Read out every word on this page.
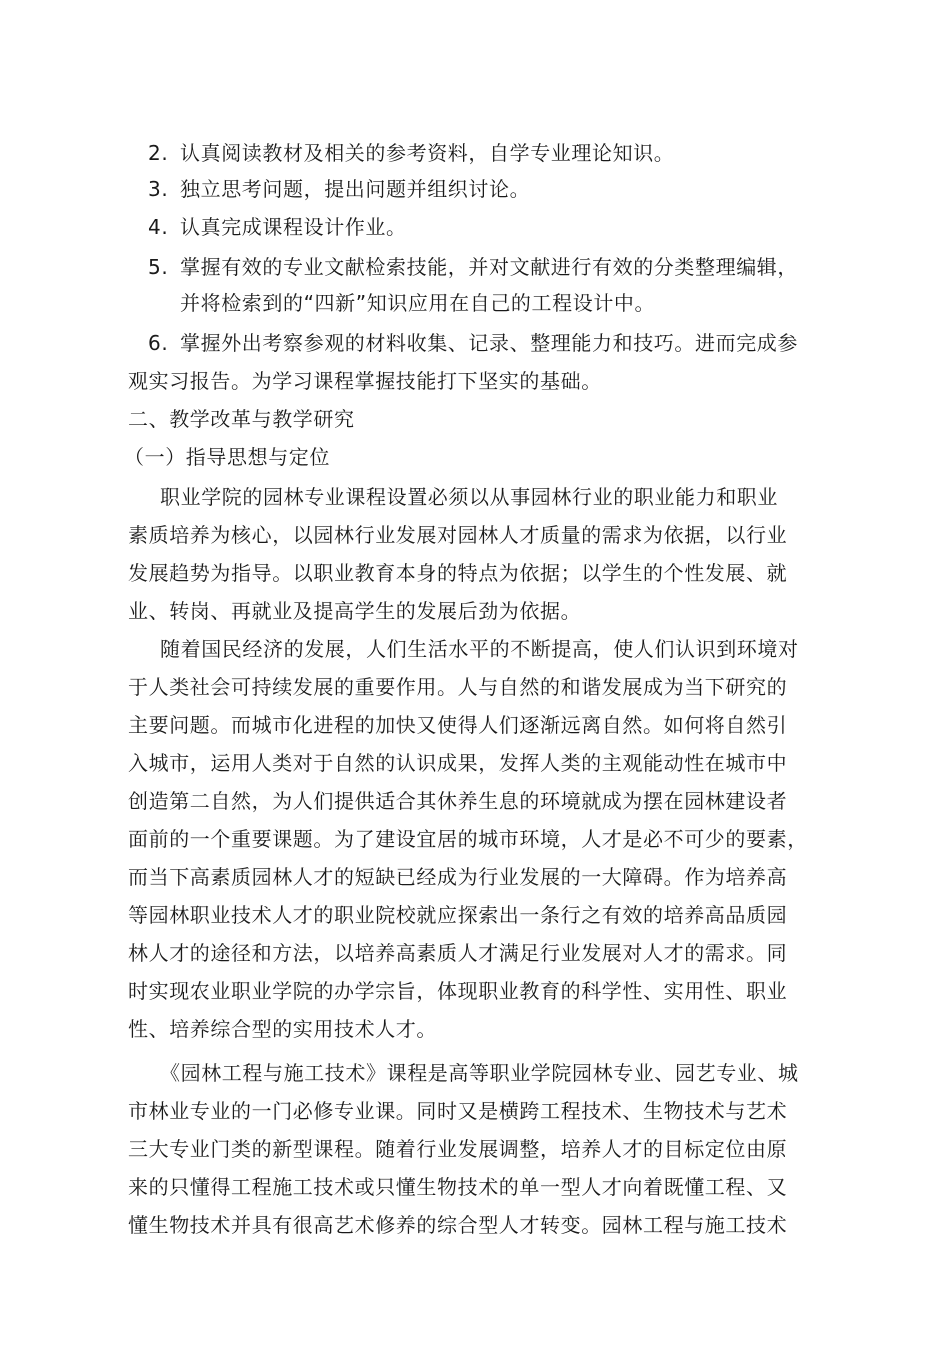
2. 认真阅读教材及相关的参考资料，自学专业理论知识。
3. 独立思考问题，提出问题并组织讨论。
4. 认真完成课程设计作业。
5. 掌握有效的专业文献检索技能，并对文献进行有效的分类整理编辑，
并将检索到的“四新”知识应用在自己的工程设计中。
6. 掌握外出考察参观的材料收集、记录、整理能力和技巧。进而完成参
观实习报告。为学习课程掌握技能打下坚实的基础。
二、教学改革与教学研究
（一）指导思想与定位
职业学院的园林专业课程设置必须以从事园林行业的职业能力和职业
素质培养为核心，以园林行业发展对园林人才质量的需求为依据，以行业
发展趋势为指导。以职业教育本身的特点为依据；以学生的个性发展、就
业、转岗、再就业及提高学生的发展后劲为依据。
随着国民经济的发展，人们生活水平的不断提高，使人们认识到环境对
于人类社会可持续发展的重要作用。人与自然的和谐发展成为当下研究的
主要问题。而城市化进程的加快又使得人们逐渐远离自然。如何将自然引
入城市，运用人类对于自然的认识成果，发挥人类的主观能动性在城市中
创造第二自然，为人们提供适合其休养生息的环境就成为摆在园林建设者
面前的一个重要课题。为了建设宜居的城市环境，人才是必不可少的要素，
而当下高素质园林人才的短缺已经成为行业发展的一大障碍。作为培养高
等园林职业技术人才的职业院校就应探索出一条行之有效的培养高品质园
林人才的途径和方法，以培养高素质人才满足行业发展对人才的需求。同
时实现农业职业学院的办学宗旨，体现职业教育的科学性、实用性、职业
性、培养综合型的实用技术人才。
《园林工程与施工技术》课程是高等职业学院园林专业、园艺专业、城
市林业专业的一门必修专业课。同时又是横跨工程技术、生物技术与艺术
三大专业门类的新型课程。随着行业发展调整，培养人才的目标定位由原
来的只懂得工程施工技术或只懂生物技术的单一型人才向着既懂工程、又
懂生物技术并具有很高艺术修养的综合型人才转变。园林工程与施工技术
